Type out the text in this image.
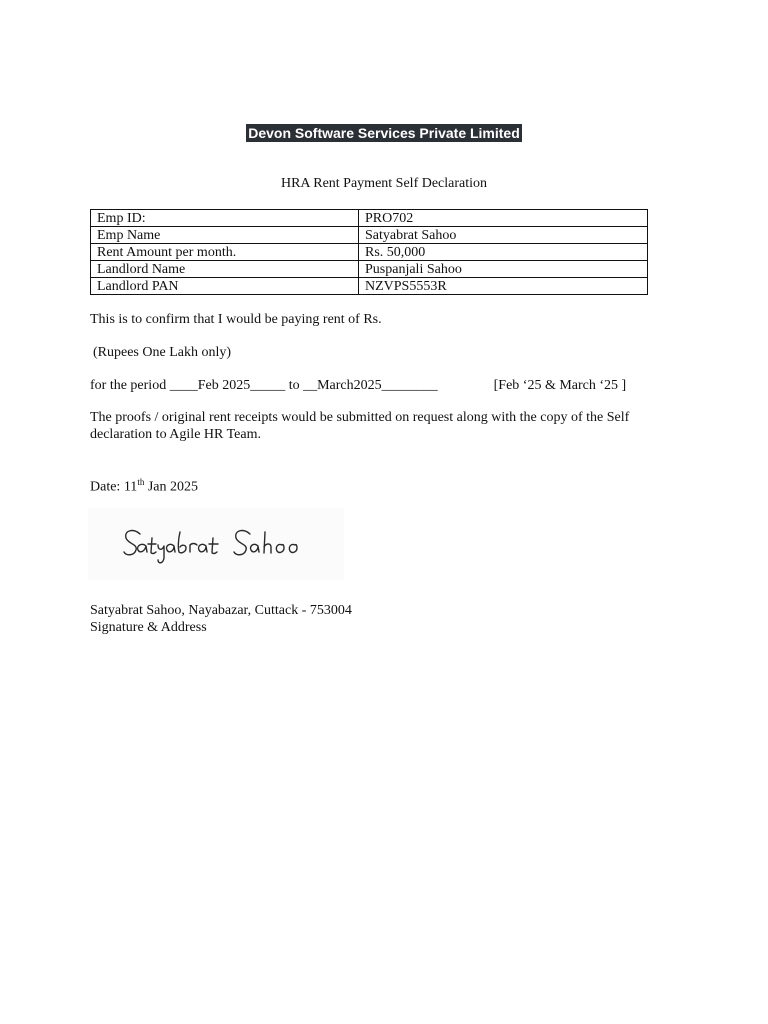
Devon Software Services Private Limited
HRA Rent Payment Self Declaration
Emp ID:	PRO702
Emp Name	Satyabrat Sahoo
Rent Amount per month.	Rs. 50,000
Landlord Name	Puspanjali Sahoo
Landlord PAN	NZVPS5553R
This is to confirm that I would be paying rent of Rs.
(Rupees One Lakh only)
for the period ____Feb 2025_____ to __March2025________	[Feb ‘25 & March ‘25 ]
The proofs / original rent receipts would be submitted on request along with the copy of the Self declaration to Agile HR Team.
Date: 11th Jan 2025
Satyabrat Sahoo, Nayabazar, Cuttack - 753004
Signature & Address
